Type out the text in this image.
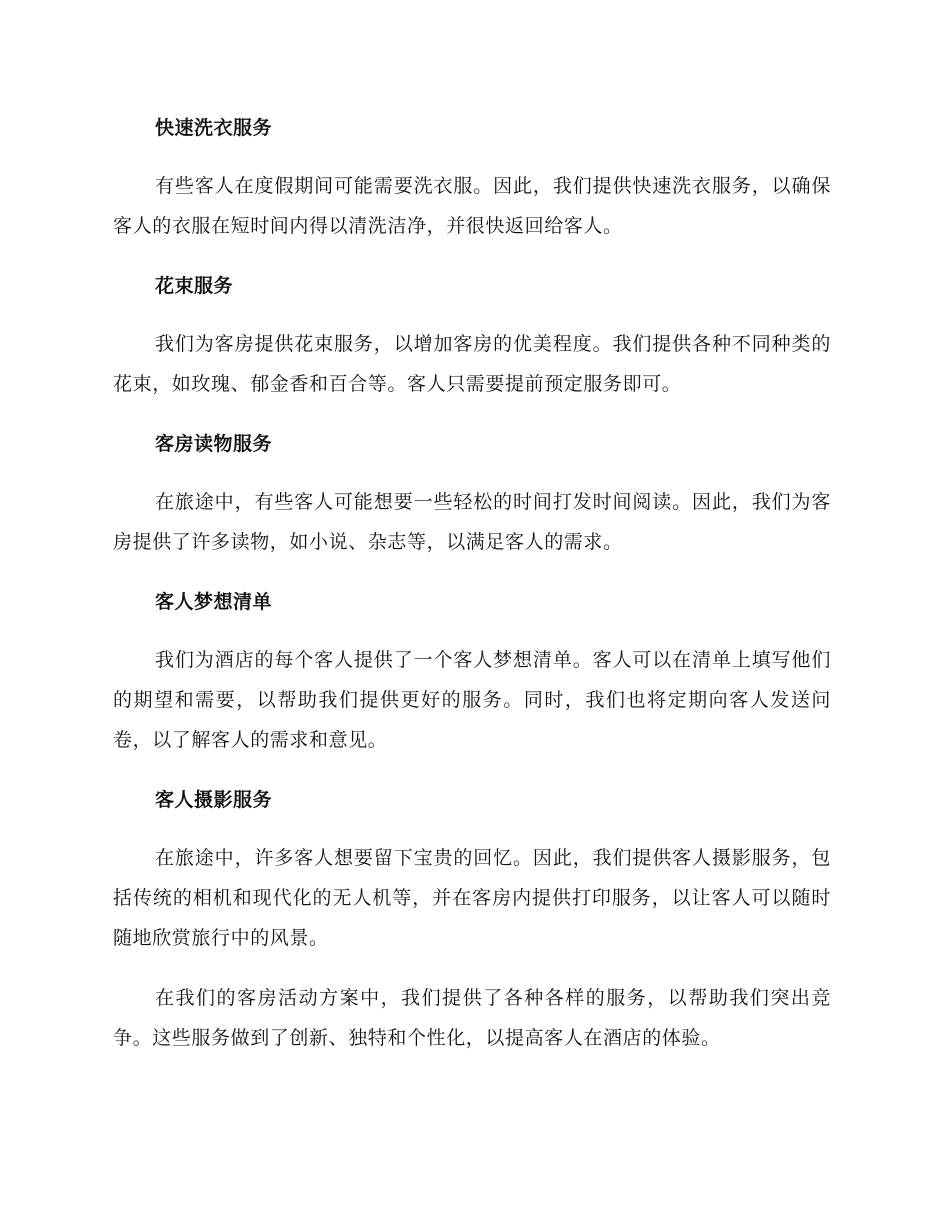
快速洗衣服务

有些客人在度假期间可能需要洗衣服。因此，我们提供快速洗衣服务，以确保客人的衣服在短时间内得以清洗洁净，并很快返回给客人。

花束服务

我们为客房提供花束服务，以增加客房的优美程度。我们提供各种不同种类的花束，如玫瑰、郁金香和百合等。客人只需要提前预定服务即可。

客房读物服务

在旅途中，有些客人可能想要一些轻松的时间打发时间阅读。因此，我们为客房提供了许多读物，如小说、杂志等，以满足客人的需求。

客人梦想清单

我们为酒店的每个客人提供了一个客人梦想清单。客人可以在清单上填写他们的期望和需要，以帮助我们提供更好的服务。同时，我们也将定期向客人发送问卷，以了解客人的需求和意见。

客人摄影服务

在旅途中，许多客人想要留下宝贵的回忆。因此，我们提供客人摄影服务，包括传统的相机和现代化的无人机等，并在客房内提供打印服务，以让客人可以随时随地欣赏旅行中的风景。

在我们的客房活动方案中，我们提供了各种各样的服务，以帮助我们突出竞争。这些服务做到了创新、独特和个性化，以提高客人在酒店的体验。
